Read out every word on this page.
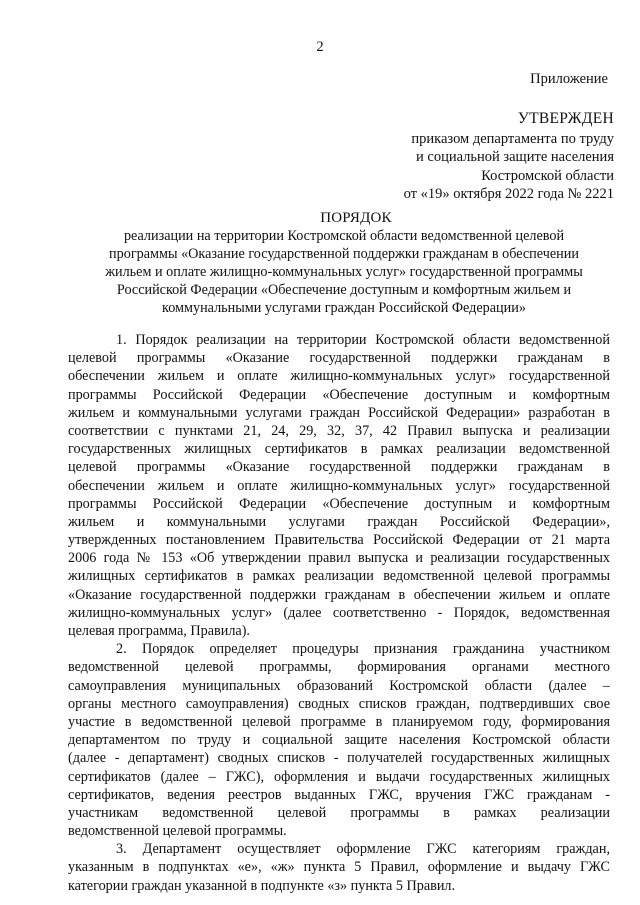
2
Приложение
УТВЕРЖДЕН
приказом департамента по труду
и социальной защите населения
Костромской области
от «19» октября 2022 года № 2221
ПОРЯДОК
реализации на территории Костромской области ведомственной целевой
программы «Оказание государственной поддержки гражданам в обеспечении
жильем и оплате жилищно-коммунальных услуг» государственной программы
Российской Федерации «Обеспечение доступным и комфортным жильем и
коммунальными услугами граждан Российской Федерации»
1. Порядок реализации на территории Костромской области ведомственной
целевой программы «Оказание государственной поддержки гражданам в
обеспечении жильем и оплате жилищно-коммунальных услуг» государственной
программы Российской Федерации «Обеспечение доступным и комфортным
жильем и коммунальными услугами граждан Российской Федерации» разработан в
соответствии с пунктами 21, 24, 29, 32, 37, 42 Правил выпуска и реализации
государственных жилищных сертификатов в рамках реализации ведомственной
целевой программы «Оказание государственной поддержки гражданам в
обеспечении жильем и оплате жилищно-коммунальных услуг» государственной
программы Российской Федерации «Обеспечение доступным и комфортным
жильем и коммунальными услугами граждан Российской Федерации»,
утвержденных постановлением Правительства Российской Федерации от 21 марта
2006 года № 153 «Об утверждении правил выпуска и реализации государственных
жилищных сертификатов в рамках реализации ведомственной целевой программы
«Оказание государственной поддержки гражданам в обеспечении жильем и оплате
жилищно-коммунальных услуг» (далее соответственно - Порядок, ведомственная
целевая программа, Правила).
2. Порядок определяет процедуры признания гражданина участником
ведомственной целевой программы, формирования органами местного
самоуправления муниципальных образований Костромской области (далее –
органы местного самоуправления) сводных списков граждан, подтвердивших свое
участие в ведомственной целевой программе в планируемом году, формирования
департаментом по труду и социальной защите населения Костромской области
(далее - департамент) сводных списков - получателей государственных жилищных
сертификатов (далее – ГЖС), оформления и выдачи государственных жилищных
сертификатов, ведения реестров выданных ГЖС, вручения ГЖС гражданам -
участникам ведомственной целевой программы в рамках реализации
ведомственной целевой программы.
3. Департамент осуществляет оформление ГЖС категориям граждан,
указанным в подпунктах «е», «ж» пункта 5 Правил, оформление и выдачу ГЖС
категории граждан указанной в подпункте «з» пункта 5 Правил.
